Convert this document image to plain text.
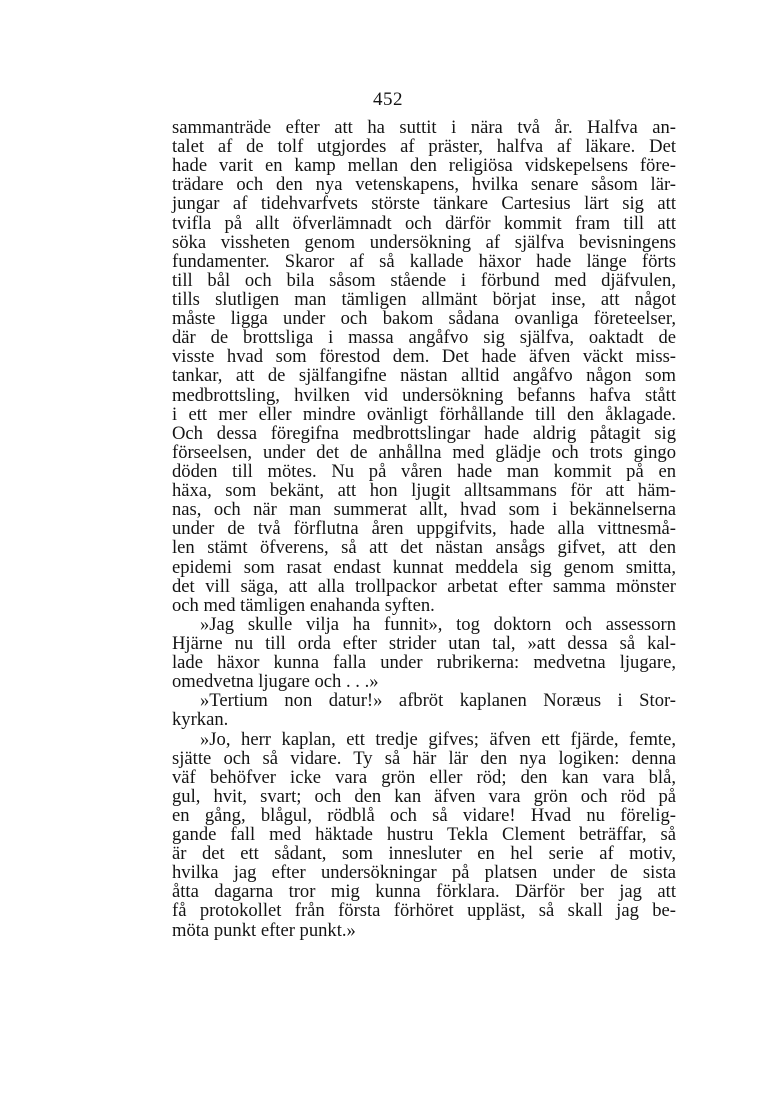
452
sammanträde efter att ha suttit i nära två år. Halfva an-
talet af de tolf utgjordes af präster, halfva af läkare. Det
hade varit en kamp mellan den religiösa vidskepelsens före-
trädare och den nya vetenskapens, hvilka senare såsom lär-
jungar af tidehvarfvets störste tänkare Cartesius lärt sig att
tvifla på allt öfverlämnadt och därför kommit fram till att
söka vissheten genom undersökning af själfva bevisningens
fundamenter. Skaror af så kallade häxor hade länge förts
till bål och bila såsom stående i förbund med djäfvulen,
tills slutligen man tämligen allmänt börjat inse, att något
måste ligga under och bakom sådana ovanliga företeelser,
där de brottsliga i massa angåfvo sig själfva, oaktadt de
visste hvad som förestod dem. Det hade äfven väckt miss-
tankar, att de själfangifne nästan alltid angåfvo någon som
medbrottsling, hvilken vid undersökning befanns hafva stått
i ett mer eller mindre ovänligt förhållande till den åklagade.
Och dessa föregifna medbrottslingar hade aldrig påtagit sig
förseelsen, under det de anhållna med glädje och trots gingo
döden till mötes. Nu på våren hade man kommit på en
häxa, som bekänt, att hon ljugit alltsammans för att häm-
nas, och när man summerat allt, hvad som i bekännelserna
under de två förflutna åren uppgifvits, hade alla vittnesmå-
len stämt öfverens, så att det nästan ansågs gifvet, att den
epidemi som rasat endast kunnat meddela sig genom smitta,
det vill säga, att alla trollpackor arbetat efter samma mönster
och med tämligen enahanda syften.
»Jag skulle vilja ha funnit», tog doktorn och assessorn
Hjärne nu till orda efter strider utan tal, »att dessa så kal-
lade häxor kunna falla under rubrikerna: medvetna ljugare,
omedvetna ljugare och . . .»
»Tertium non datur!» afbröt kaplanen Noræus i Stor-
kyrkan.
»Jo, herr kaplan, ett tredje gifves; äfven ett fjärde, femte,
sjätte och så vidare. Ty så här lär den nya logiken: denna
väf behöfver icke vara grön eller röd; den kan vara blå,
gul, hvit, svart; och den kan äfven vara grön och röd på
en gång, blågul, rödblå och så vidare! Hvad nu förelig-
gande fall med häktade hustru Tekla Clement beträffar, så
är det ett sådant, som innesluter en hel serie af motiv,
hvilka jag efter undersökningar på platsen under de sista
åtta dagarna tror mig kunna förklara. Därför ber jag att
få protokollet från första förhöret uppläst, så skall jag be-
möta punkt efter punkt.»
